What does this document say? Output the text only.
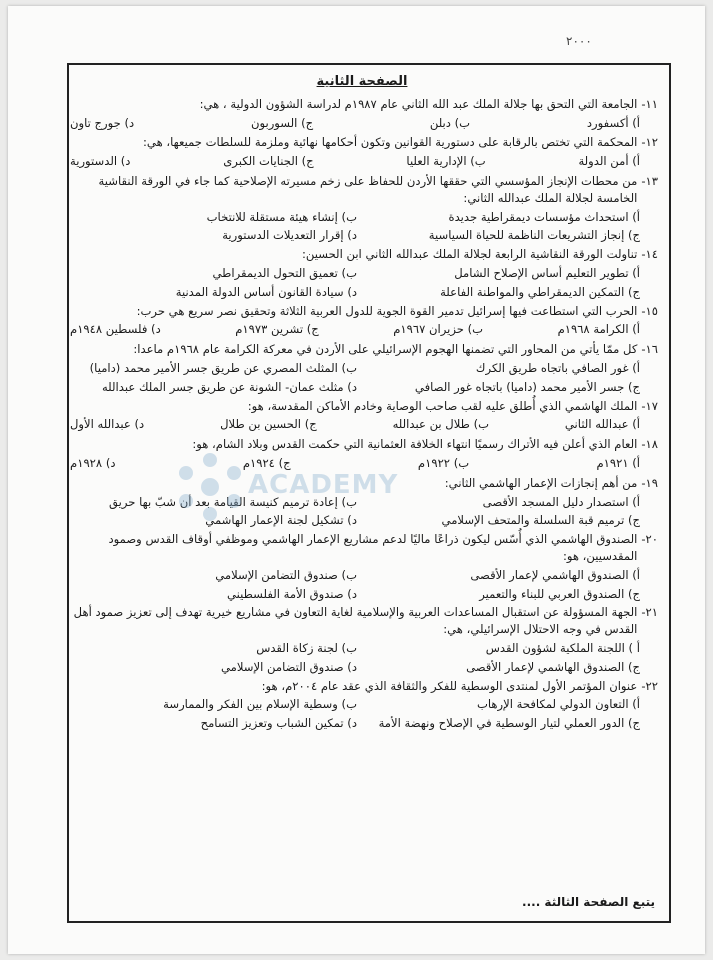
٢٠٠٠
الصفحة الثانية
١١-
الجامعة التي التحق بها جلالة الملك عبد الله الثاني عام ١٩٨٧م لدراسة الشؤون الدولية ، هي:
أ) أكسفورد
ب) دبلن
ج) السوربون
د) جورج تاون
١٢-
المحكمة التي تختص بالرقابة على دستورية القوانين وتكون أحكامها نهائية وملزمة للسلطات جميعها، هي:
أ) أمن الدولة
ب) الإدارية العليا
ج) الجنايات الكبرى
د) الدستورية
١٣-
من محطات الإنجاز المؤسسي التي حققها الأردن للحفاظ على زخم مسيرته الإصلاحية كما جاء في الورقة النقاشية الخامسة لجلالة الملك عبدالله الثاني:
أ) استحداث مؤسسات ديمقراطية جديدة
ب) إنشاء هيئة مستقلة للانتخاب
ج) إنجاز التشريعات الناظمة للحياة السياسية
د) إقرار التعديلات الدستورية
١٤-
تناولت الورقة النقاشية الرابعة لجلالة الملك عبدالله الثاني ابن الحسين:
أ) تطوير التعليم أساس الإصلاح الشامل
ب) تعميق التحول الديمقراطي
ج) التمكين الديمقراطي والمواطنة الفاعلة
د) سيادة القانون أساس الدولة المدنية
١٥-
الحرب التي استطاعت فيها إسرائيل تدمير القوة الجوية للدول العربية الثلاثة وتحقيق نصر سريع هي حرب:
أ) الكرامة ١٩٦٨م
ب) حزيران ١٩٦٧م
ج) تشرين ١٩٧٣م
د) فلسطين ١٩٤٨م
١٦-
كل ممّا يأتي من المحاور التي تضمنها الهجوم الإسرائيلي على الأردن في معركة الكرامة عام ١٩٦٨م ماعدا:
أ) غور الصافي باتجاه طريق الكرك
ب) المثلث المصري عن طريق جسر الأمير محمد (داميا)
ج) جسر الأمير محمد (داميا) باتجاه غور الصافي
د) مثلث عمان- الشونة عن طريق جسر الملك عبدالله
١٧-
الملك الهاشمي الذي أُطلق عليه لقب صاحب الوصاية وخادم الأماكن المقدسة، هو:
أ) عبدالله الثاني
ب) طلال بن عبدالله
ج) الحسين بن طلال
د) عبدالله الأول
١٨-
العام الذي أعلن فيه الأتراك رسميًا انتهاء الخلافة العثمانية التي حكمت القدس وبلاد الشام، هو:
أ) ١٩٢١م
ب) ١٩٢٢م
ج) ١٩٢٤م
د) ١٩٢٨م
١٩-
من أهم إنجازات الإعمار الهاشمي الثاني:
أ) استصدار دليل المسجد الأقصى
ب) إعادة ترميم كنيسة القيامة بعد أن شبّ بها حريق
ج) ترميم قبة السلسلة والمتحف الإسلامي
د) تشكيل لجنة الإعمار الهاشمي
٢٠-
الصندوق الهاشمي الذي أُسّس ليكون ذراعًا ماليًا لدعم مشاريع الإعمار الهاشمي وموظفي أوقاف القدس وصمود المقدسيين، هو:
أ) الصندوق الهاشمي لإعمار الأقصى
ب) صندوق التضامن الإسلامي
ج) الصندوق العربي للبناء والتعمير
د) صندوق الأمة الفلسطيني
٢١-
الجهة المسؤولة عن استقبال المساعدات العربية والإسلامية لغاية التعاون في مشاريع خيرية تهدف إلى تعزيز صمود أهل القدس في وجه الاحتلال الإسرائيلي، هي:
أ ) اللجنة الملكية لشؤون القدس
ب) لجنة زكاة القدس
ج) الصندوق الهاشمي لإعمار الأقصى
د) صندوق التضامن الإسلامي
٢٢-
عنوان المؤتمر الأول لمنتدى الوسطية للفكر والثقافة الذي عقد عام ٢٠٠٤م، هو:
أ) التعاون الدولي لمكافحة الإرهاب
ب) وسطية الإسلام بين الفكر والممارسة
ج) الدور العملي لتيار الوسطية في الإصلاح ونهضة الأمة
د) تمكين الشباب وتعزيز التسامح
ACADEMY
يتبع الصفحة الثالثة ....
